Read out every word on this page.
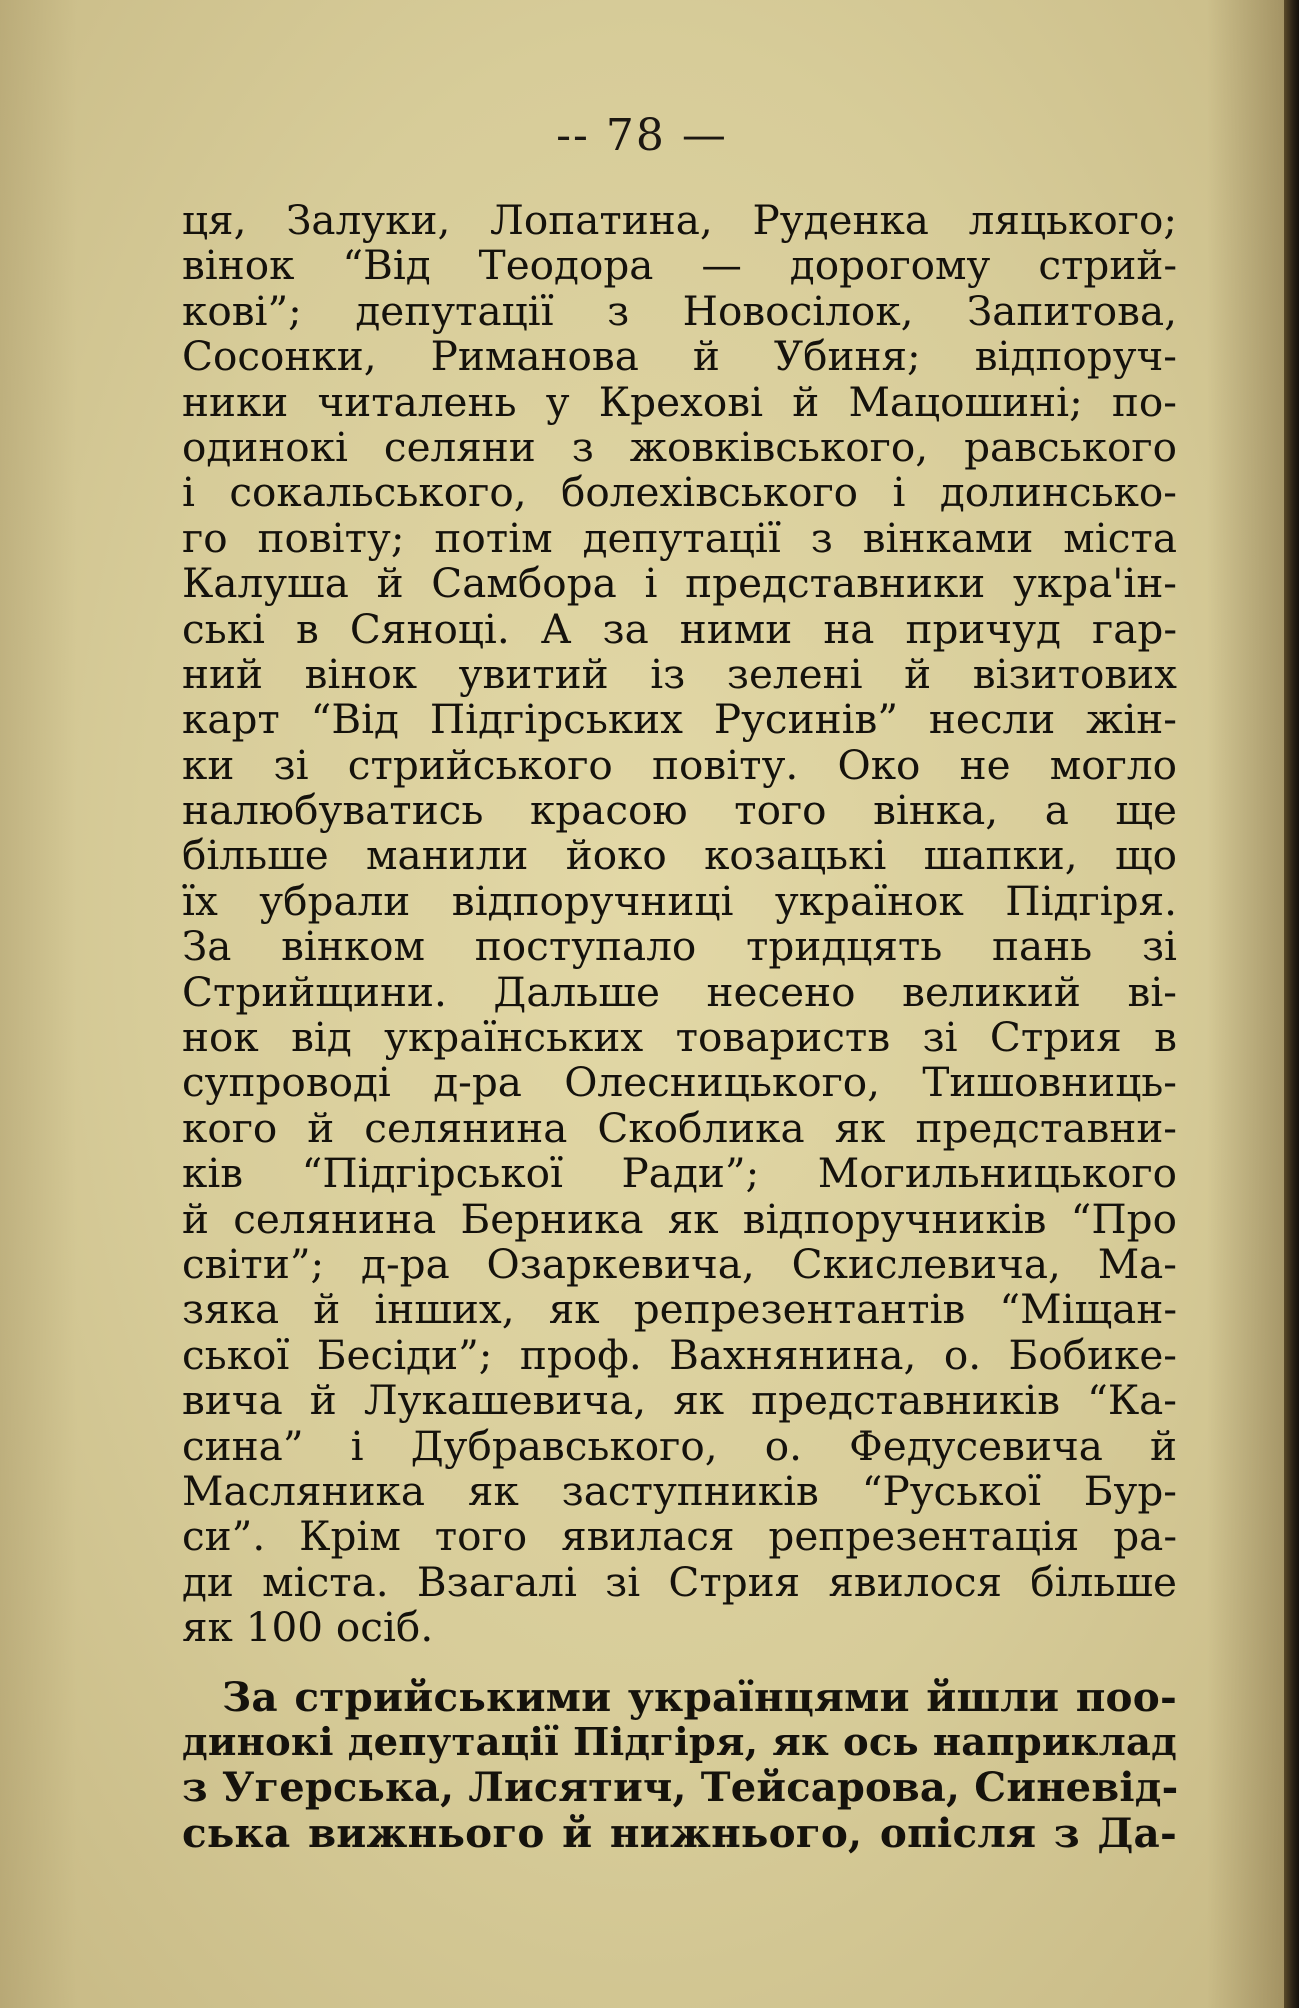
-- 78 —
ця, Залуки, Лопатина, Руденка ляцького;
вінок “Від Теодора — дорогому стрий-
кові”; депутації з Новосілок, Запитова,
Сосонки, Риманова й Убиня; відпоруч-
ники читалень у Крехові й Мацошині; по-
одинокі селяни з жовківського, равського
і сокальського, болехівського і долинсько-
го повіту; потім депутації з вінками міста
Калуша й Самбора і представники укра'ін-
ські в Сяноці. А за ними на причуд гар-
ний вінок увитий із зелені й візитових
карт “Від Підгірських Русинів” несли жін-
ки зі стрийського повіту. Око не могло
налюбуватись красою того вінка, а ще
більше манили йоко козацькі шапки, що
їх убрали відпоручниці українок Підгіря.
За вінком поступало тридцять пань зі
Стрийщини. Дальше несено великий ві-
нок від українських товариств зі Стрия в
супроводі д-ра Олесницького, Тишовниць-
кого й селянина Скоблика як представни-
ків “Підгірської Ради”; Могильницького
й селянина Берника як відпоручників “Про
світи”; д-ра Озаркевича, Скислевича, Ма-
зяка й інших, як репрезентантів “Міщан-
ської Бесіди”; проф. Вахнянина, о. Бобике-
вича й Лукашевича, як представників “Ка-
сина” і Дубравського, о. Федусевича й
Масляника як заступників “Руської Бур-
си”. Крім того явилася репрезентація ра-
ди міста. Взагалі зі Стрия явилося більше
як 100 осіб.
За стрийськими українцями йшли поо-
динокі депутації Підгіря, як ось наприклад
з Угерська, Лисятич, Тейсарова, Синевід-
ська вижнього й нижнього, опісля з Да-
